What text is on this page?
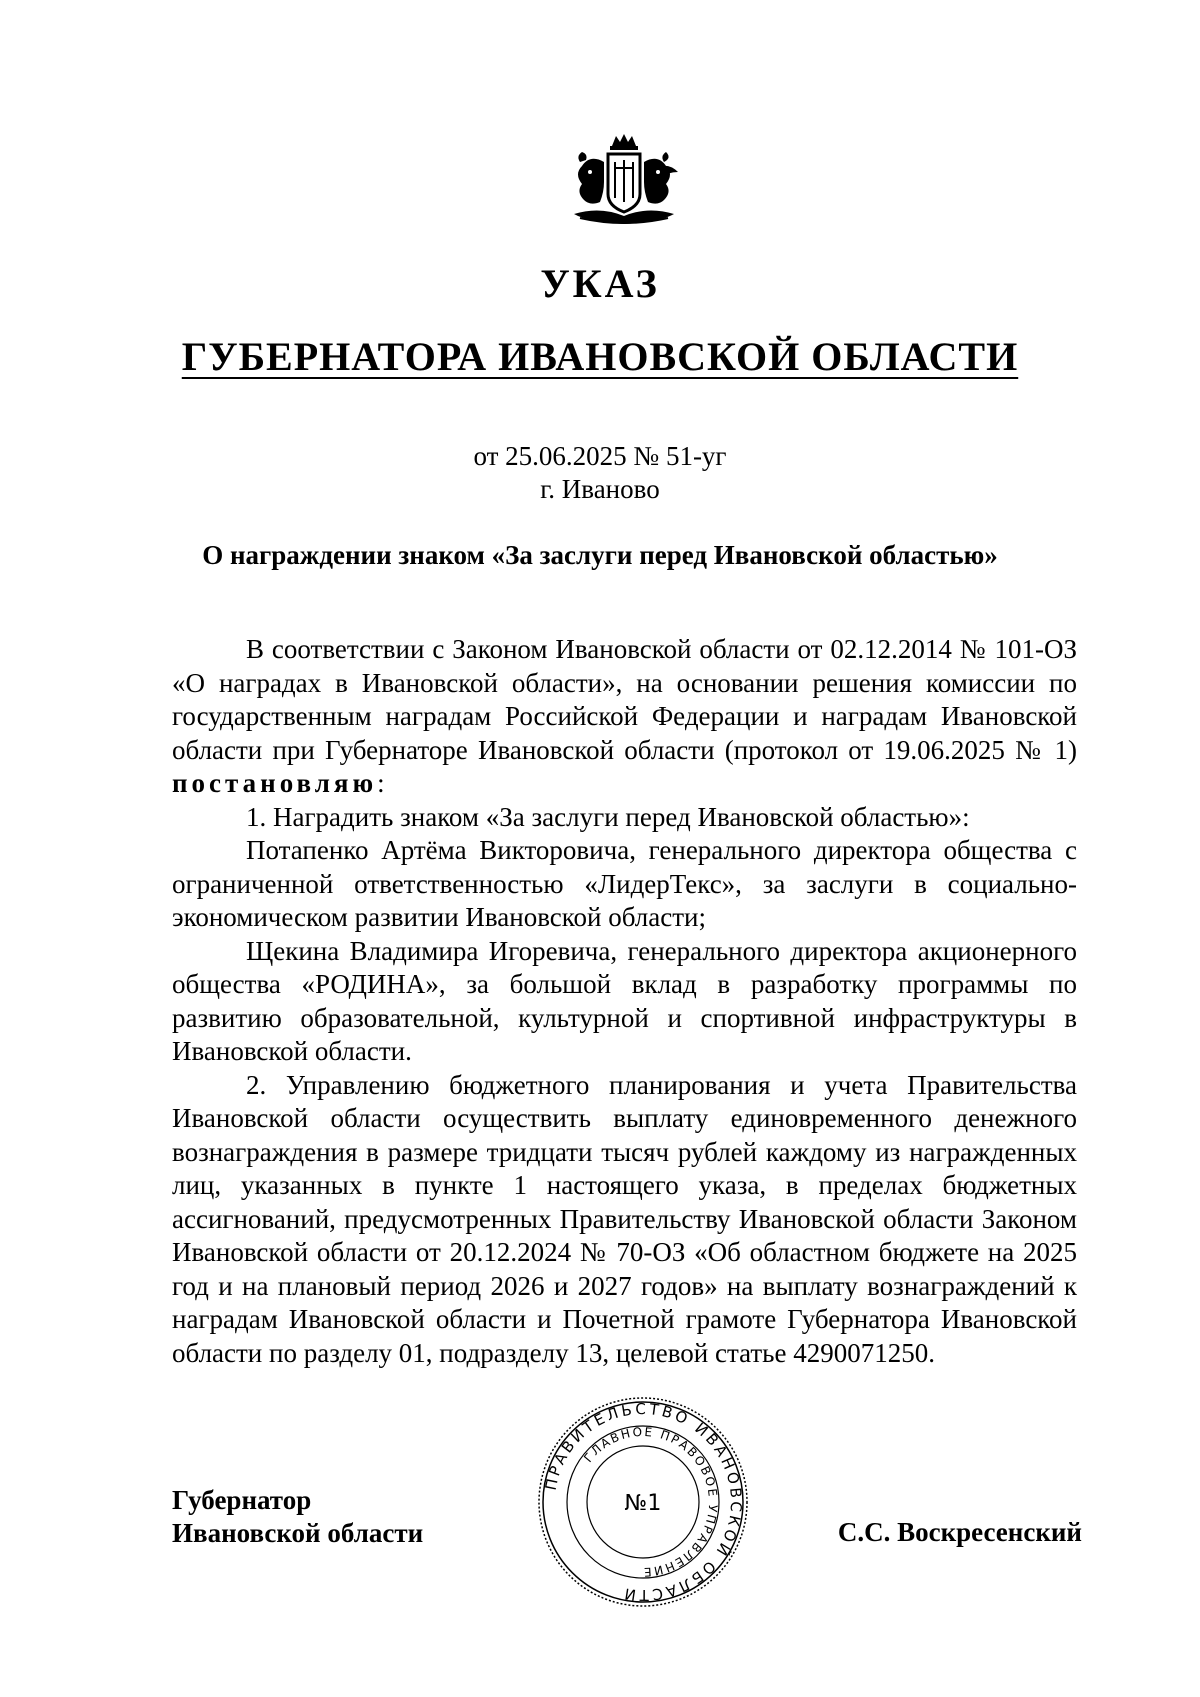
УКАЗ
ГУБЕРНАТОРА ИВАНОВСКОЙ ОБЛАСТИ
от 25.06.2025 № 51-уг
г. Иваново
О награждении знаком «За заслуги перед Ивановской областью»

В соответствии с Законом Ивановской области от 02.12.2014 № 101-ОЗ «О наградах в Ивановской области», на основании решения комиссии по государственным наградам Российской Федерации и наградам Ивановской области при Губернаторе Ивановской области (протокол от 19.06.2025 № 1) постановляю:

1. Наградить знаком «За заслуги перед Ивановской областью»:

Потапенко Артёма Викторовича, генерального директора общества с ограниченной ответственностью «ЛидерТекс», за заслуги в социально-экономическом развитии Ивановской области;

Щекина Владимира Игоревича, генерального директора акционерного общества «РОДИНА», за большой вклад в разработку программы по развитию образовательной, культурной и спортивной инфраструктуры в Ивановской области.

2. Управлению бюджетного планирования и учета Правительства Ивановской области осуществить выплату единовременного денежного вознаграждения в размере тридцати тысяч рублей каждому из награжденных лиц, указанных в пункте 1 настоящего указа, в пределах бюджетных ассигнований, предусмотренных Правительству Ивановской области Законом Ивановской области от 20.12.2024 № 70-ОЗ «Об областном бюджете на 2025 год и на плановый период 2026 и 2027 годов» на выплату вознаграждений к наградам Ивановской области и Почетной грамоте Губернатора Ивановской области по разделу 01, подразделу 13, целевой статье 4290071250.

Губернатор
Ивановской области
ПРАВИТЕЛЬСТВО ИВАНОВСКОЙ ОБЛАСТИ
ГЛАВНОЕ ПРАВОВОЕ УПРАВЛЕНИЕ
№1
С.С. Воскресенский
